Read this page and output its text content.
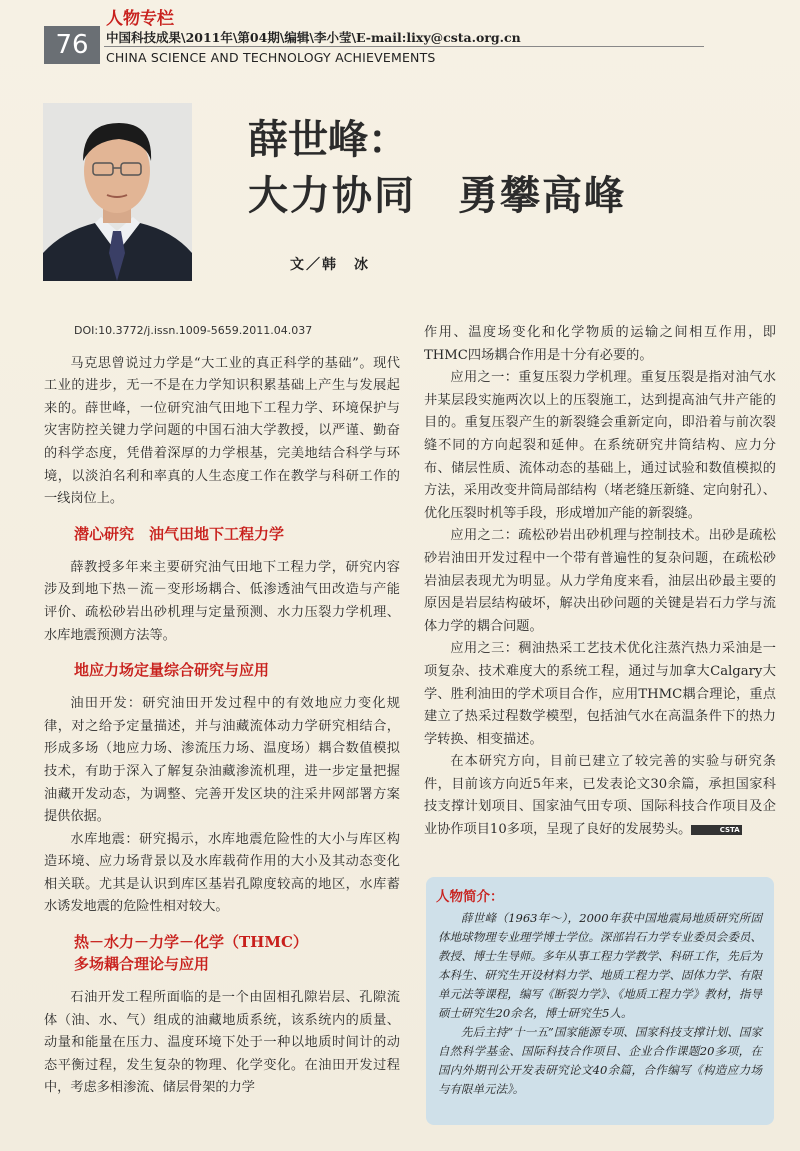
76
人物专栏
中国科技成果\2011年\第04期\编辑\李小莹\E-mail:lixy@csta.org.cn
CHINA SCIENCE AND TECHNOLOGY ACHIEVEMENTS
薛世峰：
大力协同　勇攀高峰
文／韩　冰

DOI:10.3772/j.issn.1009-5659.2011.04.037

马克思曾说过力学是“大工业的真正科学的基础”。现代工业的进步，无一不是在力学知识积累基础上产生与发展起来的。薛世峰，一位研究油气田地下工程力学、环境保护与灾害防控关键力学问题的中国石油大学教授，以严谨、勤奋的科学态度，凭借着深厚的力学根基，完美地结合科学与环境，以淡泊名利和率真的人生态度工作在教学与科研工作的一线岗位上。

潜心研究　油气田地下工程力学

薛教授多年来主要研究油气田地下工程力学，研究内容涉及到地下热－流－变形场耦合、低渗透油气田改造与产能评价、疏松砂岩出砂机理与定量预测、水力压裂力学机理、水库地震预测方法等。

地应力场定量综合研究与应用

油田开发：研究油田开发过程中的有效地应力变化规律，对之给予定量描述，并与油藏流体动力学研究相结合，形成多场（地应力场、渗流压力场、温度场）耦合数值模拟技术，有助于深入了解复杂油藏渗流机理，进一步定量把握油藏开发动态，为调整、完善开发区块的注采井网部署方案提供依据。

水库地震：研究揭示，水库地震危险性的大小与库区构造环境、应力场背景以及水库载荷作用的大小及其动态变化相关联。尤其是认识到库区基岩孔隙度较高的地区，水库蓄水诱发地震的危险性相对较大。

热－水力－力学－化学（THMC）
多场耦合理论与应用

石油开发工程所面临的是一个由固相孔隙岩层、孔隙流体（油、水、气）组成的油藏地质系统，该系统内的质量、动量和能量在压力、温度环境下处于一种以地质时间计的动态平衡过程，发生复杂的物理、化学变化。在油田开发过程中，考虑多相渗流、储层骨架的力学

作用、温度场变化和化学物质的运输之间相互作用，即THMC四场耦合作用是十分有必要的。

应用之一：重复压裂力学机理。重复压裂是指对油气水井某层段实施两次以上的压裂施工，达到提高油气井产能的目的。重复压裂产生的新裂缝会重新定向，即沿着与前次裂缝不同的方向起裂和延伸。在系统研究井筒结构、应力分布、储层性质、流体动态的基础上，通过试验和数值模拟的方法，采用改变井筒局部结构（堵老缝压新缝、定向射孔）、优化压裂时机等手段，形成增加产能的新裂缝。

应用之二：疏松砂岩出砂机理与控制技术。出砂是疏松砂岩油田开发过程中一个带有普遍性的复杂问题，在疏松砂岩油层表现尤为明显。从力学角度来看，油层出砂最主要的原因是岩层结构破坏，解决出砂问题的关键是岩石力学与流体力学的耦合问题。

应用之三：稠油热采工艺技术优化注蒸汽热力采油是一项复杂、技术难度大的系统工程，通过与加拿大Calgary大学、胜利油田的学术项目合作，应用THMC耦合理论，重点建立了热采过程数学模型，包括油气水在高温条件下的热力学转换、相变描述。

在本研究方向，目前已建立了较完善的实验与研究条件，目前该方向近5年来，已发表论文30余篇，承担国家科技支撑计划项目、国家油气田专项、国际科技合作项目及企业协作项目10多项，呈现了良好的发展势头。	CSTA

人物简介：

薛世峰（1963年～），2000年获中国地震局地质研究所固体地球物理专业理学博士学位。深部岩石力学专业委员会委员、教授、博士生导师。多年从事工程力学教学、科研工作，先后为本科生、研究生开设材料力学、地质工程力学、固体力学、有限单元法等课程，编写《断裂力学》、《地质工程力学》教材，指导硕士研究生20余名，博士研究生5人。

先后主持“十一五”国家能源专项、国家科技支撑计划、国家自然科学基金、国际科技合作项目、企业合作课题20多项，在国内外期刊公开发表研究论文40余篇，合作编写《构造应力场与有限单元法》。
